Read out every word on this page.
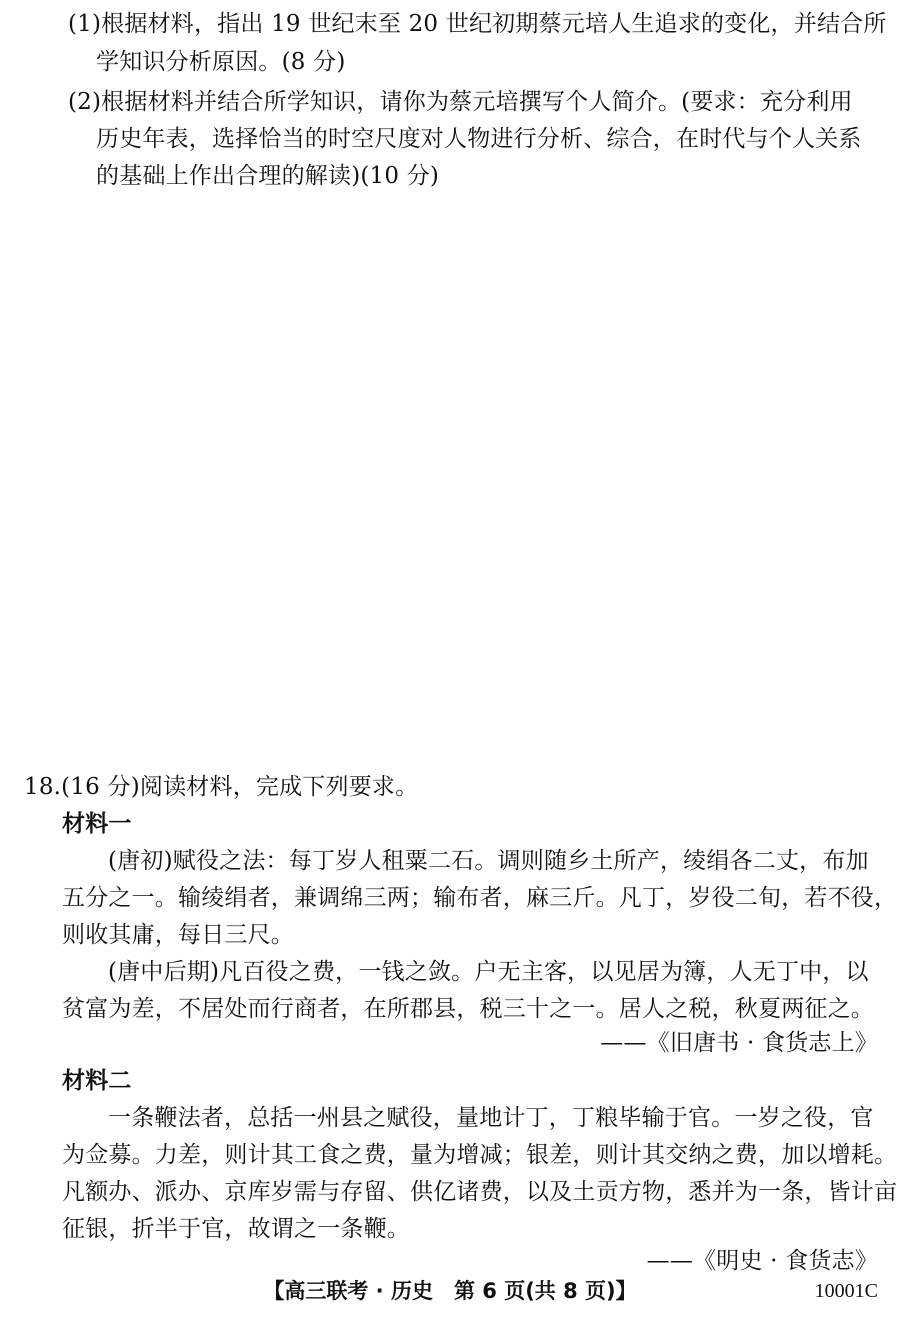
(1)根据材料，指出 19 世纪末至 20 世纪初期蔡元培人生追求的变化，并结合所
学知识分析原因。(8 分)
(2)根据材料并结合所学知识，请你为蔡元培撰写个人简介。(要求：充分利用
历史年表，选择恰当的时空尺度对人物进行分析、综合，在时代与个人关系
的基础上作出合理的解读)(10 分)
18.(16 分)阅读材料，完成下列要求。
材料一
(唐初)赋役之法：每丁岁人租粟二石。调则随乡土所产，绫绢各二丈，布加
五分之一。输绫绢者，兼调绵三两；输布者，麻三斤。凡丁，岁役二旬，若不役，
则收其庸，每日三尺。
(唐中后期)凡百役之费，一钱之敛。户无主客，以见居为簿，人无丁中，以
贫富为差，不居处而行商者，在所郡县，税三十之一。居人之税，秋夏两征之。
——《旧唐书 · 食货志上》
材料二
一条鞭法者，总括一州县之赋役，量地计丁，丁粮毕输于官。一岁之役，官
为佥募。力差，则计其工食之费，量为增减；银差，则计其交纳之费，加以增耗。
凡额办、派办、京库岁需与存留、供亿诸费，以及土贡方物，悉并为一条，皆计亩
征银，折半于官，故谓之一条鞭。
——《明史 · 食货志》
【高三联考 · 历史　第 6 页(共 8 页)】	10001C
